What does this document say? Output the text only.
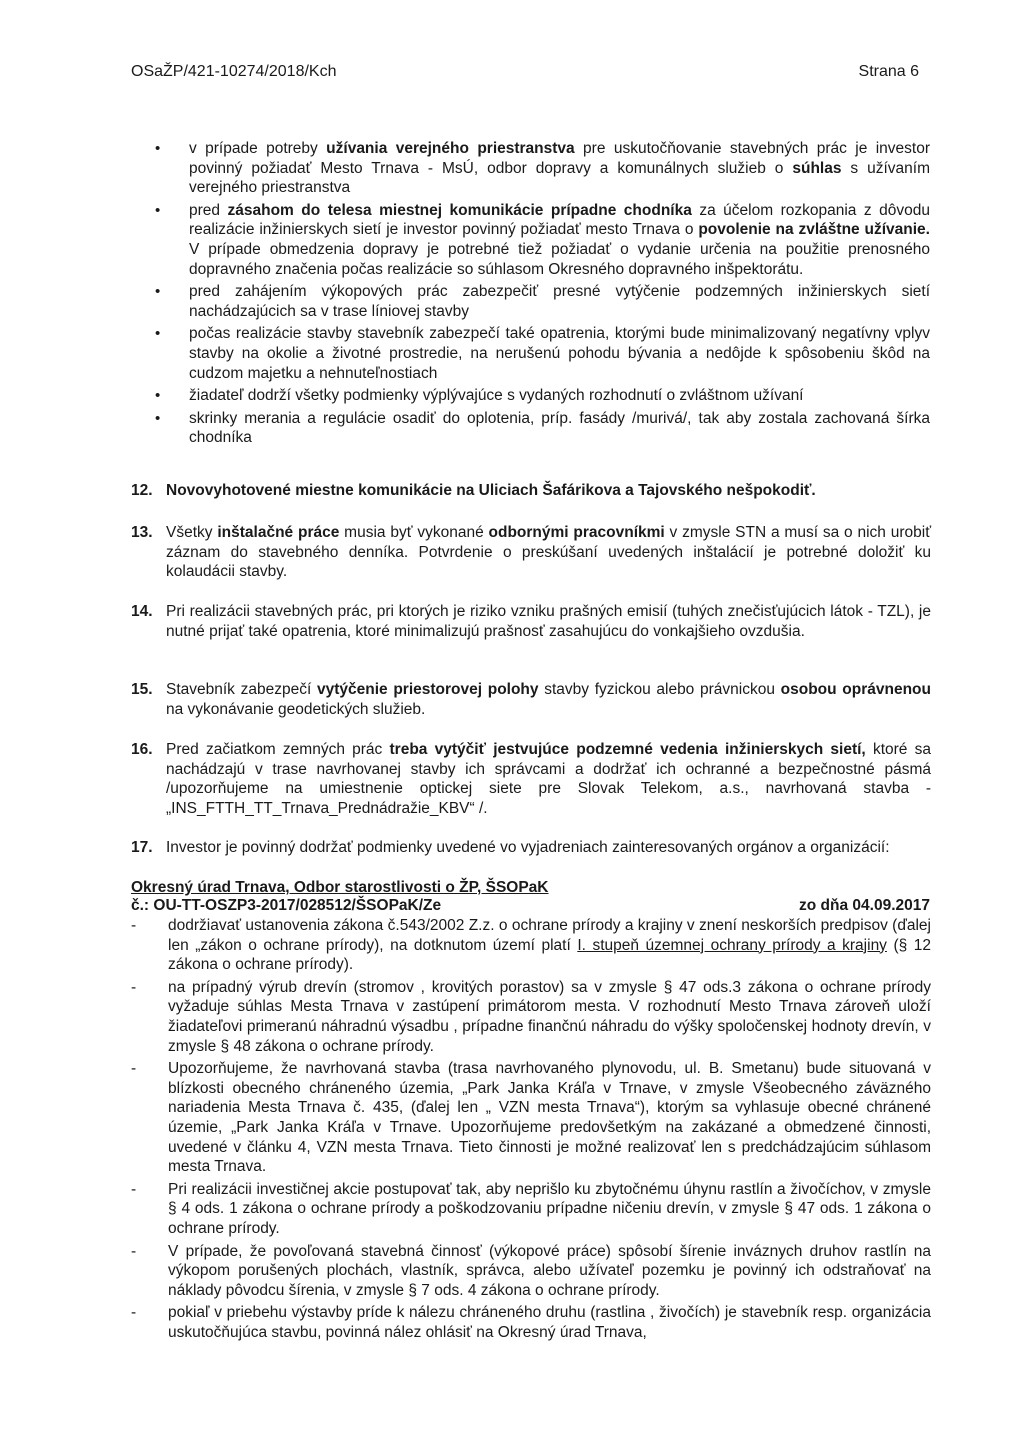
OSaŽP/421-10274/2018/Kch	Strana 6
• v prípade potreby užívania verejného priestranstva pre uskutočňovanie stavebných prác je investor povinný požiadať Mesto Trnava - MsÚ, odbor dopravy a komunálnych služieb o súhlas s užívaním verejného priestranstva
• pred zásahom do telesa miestnej komunikácie prípadne chodníka za účelom rozkopania z dôvodu realizácie inžinierskych sietí je investor povinný požiadať mesto Trnava o povolenie na zvláštne užívanie. V prípade obmedzenia dopravy je potrebné tiež požiadať o vydanie určenia na použitie prenosného dopravného značenia počas realizácie so súhlasom Okresného dopravného inšpektorátu.
• pred zahájením výkopových prác zabezpečiť presné vytýčenie podzemných inžinierskych sietí nachádzajúcich sa v trase líniovej stavby
• počas realizácie stavby stavebník zabezpečí také opatrenia, ktorými bude minimalizovaný negatívny vplyv stavby na okolie a životné prostredie, na nerušenú pohodu bývania a nedôjde k spôsobeniu škôd na cudzom majetku a nehnuteľnostiach
• žiadateľ dodrží všetky podmienky výplývajúce s vydaných rozhodnutí o zvláštnom užívaní
• skrinky merania a regulácie osadiť do oplotenia, príp. fasády /murivá/, tak aby zostala zachovaná šírka chodníka
12. Novovyhotovené miestne komunikácie na Uliciach Šafárikova a Tajovského nešpokodiť.
13. Všetky inštalačné práce musia byť vykonané odbornými pracovníkmi v zmysle STN a musí sa o nich urobiť záznam do stavebného denníka. Potvrdenie o preskúšaní uvedených inštalácií je potrebné doložiť ku kolaudácii stavby.
14. Pri realizácii stavebných prác, pri ktorých je riziko vzniku prašných emisií (tuhých znečisťujúcich látok - TZL), je nutné prijať také opatrenia, ktoré minimalizujú prašnosť zasahujúcu do vonkajšieho ovzdušia.
15. Stavebník zabezpečí vytýčenie priestorovej polohy stavby fyzickou alebo právnickou osobou oprávnenou na vykonávanie geodetických služieb.
16. Pred začiatkom zemných prác treba vytýčiť jestvujúce podzemné vedenia inžinierskych sietí, ktoré sa nachádzajú v trase navrhovanej stavby ich správcami a dodržať ich ochranné a bezpečnostné pásmá /upozorňujeme na umiestnenie optickej siete pre Slovak Telekom, a.s., navrhovaná stavba - „INS_FTTH_TT_Trnava_Prednádražie_KBV“ /.
17. Investor je povinný dodržať podmienky uvedené vo vyjadreniach zainteresovaných orgánov a organizácií:
Okresný úrad Trnava, Odbor starostlivosti o ŽP, ŠSOPaK
č.: OU-TT-OSZP3-2017/028512/ŠSOPaK/Ze	zo dňa 04.09.2017
- dodržiavať ustanovenia zákona č.543/2002 Z.z. o ochrane prírody a krajiny v znení neskorších predpisov (ďalej len „zákon o ochrane prírody), na dotknutom území platí I. stupeň územnej ochrany prírody a krajiny (§ 12 zákona o ochrane prírody).
- na prípadný výrub drevín (stromov , krovitých porastov) sa v zmysle § 47 ods.3 zákona o ochrane prírody vyžaduje súhlas Mesta Trnava v zastúpení primátorom mesta. V rozhodnutí Mesto Trnava zároveň uloží žiadateľovi primeranú náhradnú výsadbu , prípadne finančnú náhradu do výšky spoločenskej hodnoty drevín, v zmysle § 48 zákona o ochrane prírody.
- Upozorňujeme, že navrhovaná stavba (trasa navrhovaného plynovodu, ul. B. Smetanu) bude situovaná v blízkosti obecného chráneného územia, „Park Janka Kráľa v Trnave, v zmysle Všeobecného záväzného nariadenia Mesta Trnava č. 435, (ďalej len „ VZN mesta Trnava“), ktorým sa vyhlasuje obecné chránené územie, „Park Janka Kráľa v Trnave. Upozorňujeme predovšetkým na zakázané a obmedzené činnosti, uvedené v článku 4, VZN mesta Trnava. Tieto činnosti je možné realizovať len s predchádzajúcim súhlasom mesta Trnava.
- Pri realizácii investičnej akcie postupovať tak, aby neprišlo ku zbytočnému úhynu rastlín a živočíchov, v zmysle § 4 ods. 1 zákona o ochrane prírody a poškodzovaniu prípadne ničeniu drevín, v zmysle § 47 ods. 1 zákona o ochrane prírody.
- V prípade, že povoľovaná stavebná činnosť (výkopové práce) spôsobí šírenie inváznych druhov rastlín na výkopom porušených plochách, vlastník, správca, alebo užívateľ pozemku je povinný ich odstraňovať na náklady pôvodcu šírenia, v zmysle § 7 ods. 4 zákona o ochrane prírody.
- pokiaľ v priebehu výstavby príde k nálezu chráneného druhu (rastlina , živočích) je stavebník resp. organizácia uskutočňujúca stavbu, povinná nález ohlásiť na Okresný úrad Trnava,
